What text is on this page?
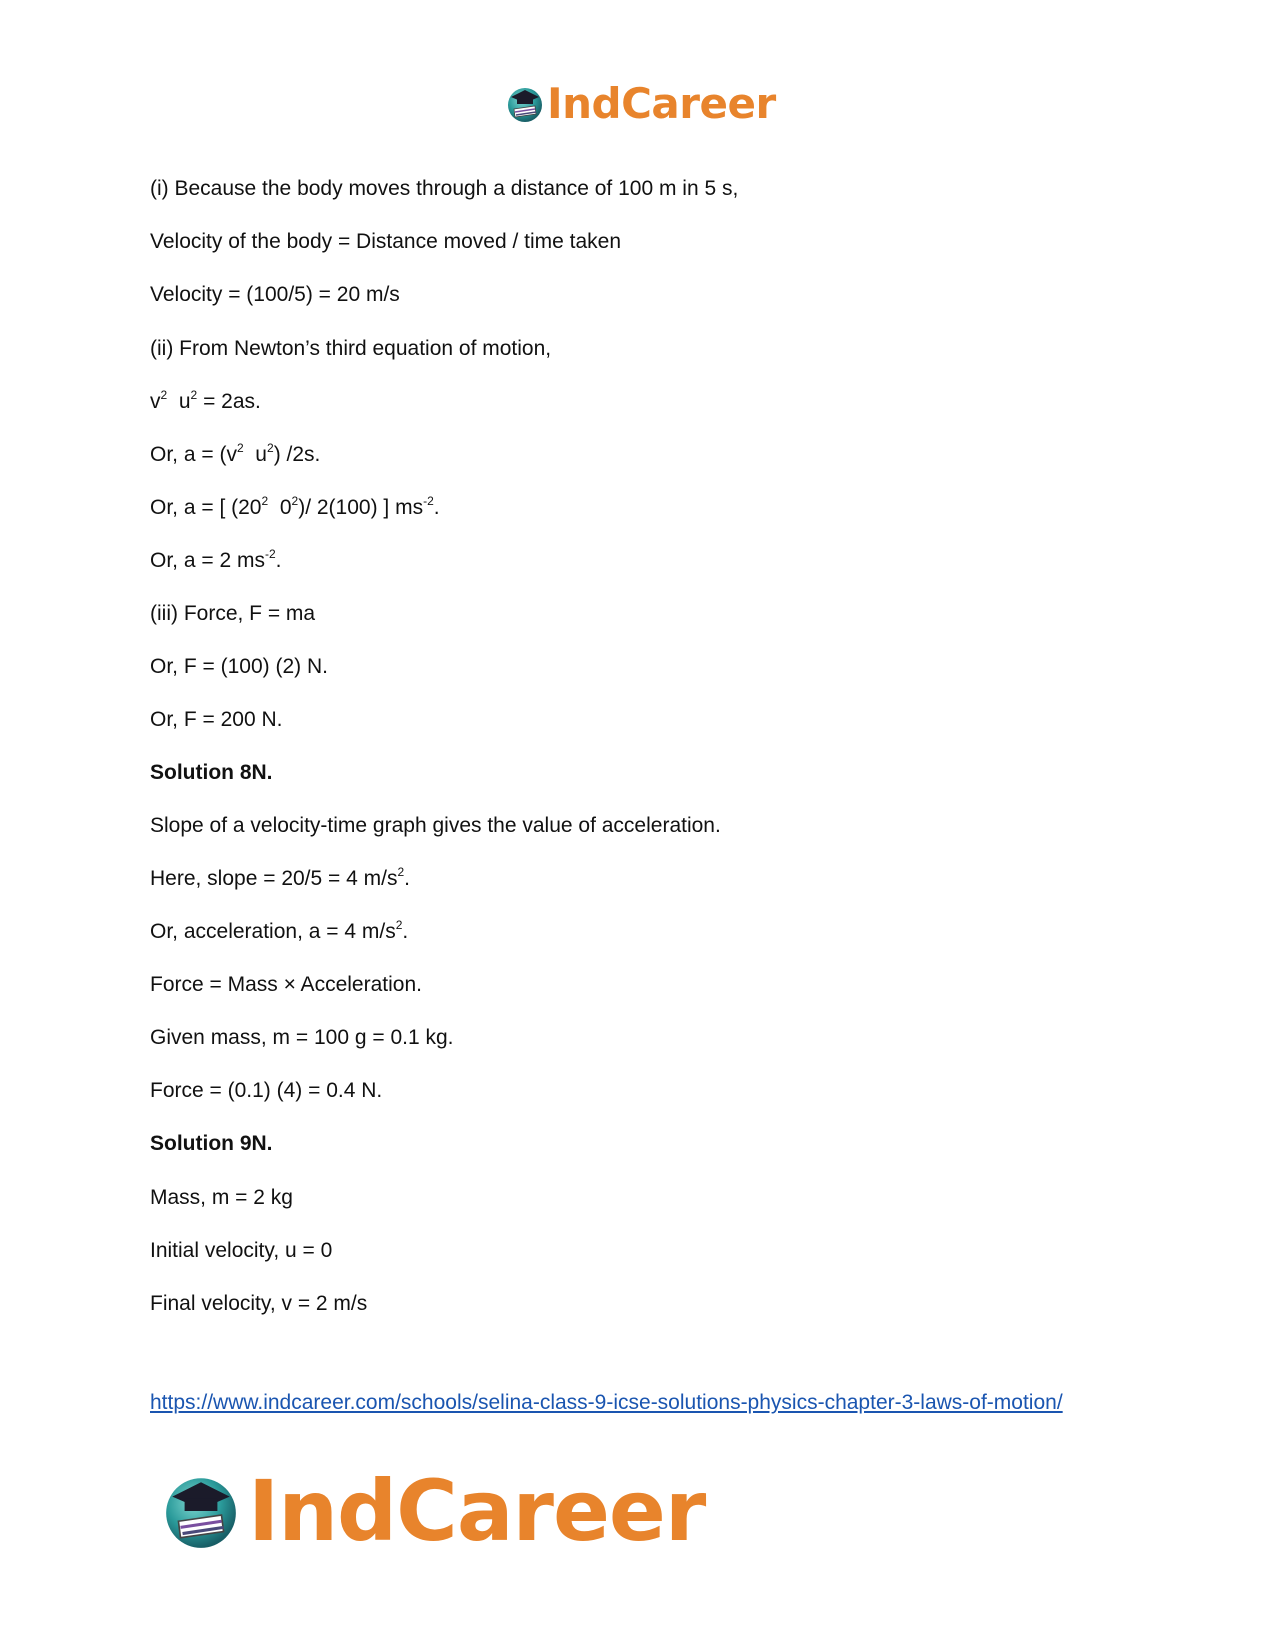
IndCareer
(i) Because the body moves through a distance of 100 m in 5 s,
Velocity of the body = Distance moved / time taken
Velocity = (100/5) = 20 m/s
(ii) From Newton’s third equation of motion,
$v^2$  $u^2 = 2as$.
Or, $a = (v^2$  $u^2$) /2s.
Or, a = [ ($20^2$  $0^2)/$ 2(100) ] $ms^{-2}$.
Or, a = 2 $ms^{-2}$.
(iii) Force, F = ma
Or, F = (100) (2) N.
Or, F = 200 N.
Solution 8N.
Slope of a velocity-time graph gives the value of acceleration.
Here, slope = 20/5 = 4 $m/s^2$.
Or, acceleration, a = 4 $m/s^2$.
Force = Mass × Acceleration.
Given mass, m = 100 g = 0.1 kg.
Force = (0.1) (4) = 0.4 N.
Solution 9N.
Mass, m = 2 kg
Initial velocity, u = 0
Final velocity, v = 2 m/s
https://www.indcareer.com/schools/selina-class-9-icse-solutions-physics-chapter-3-laws-of-motion/
IndCareer
